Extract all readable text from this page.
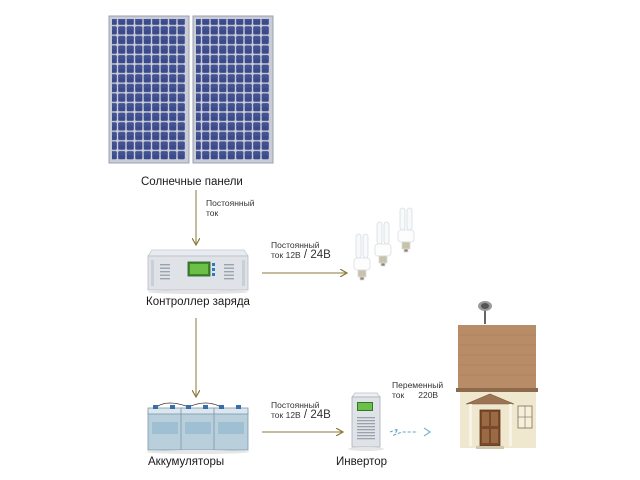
Солнечные панели
Постоянный
ток
Контроллер заряда
Постоянный
ток 12В / 24В
Аккумуляторы
Постоянный
ток 12В / 24В
Инвертор
Переменный
ток 220В
